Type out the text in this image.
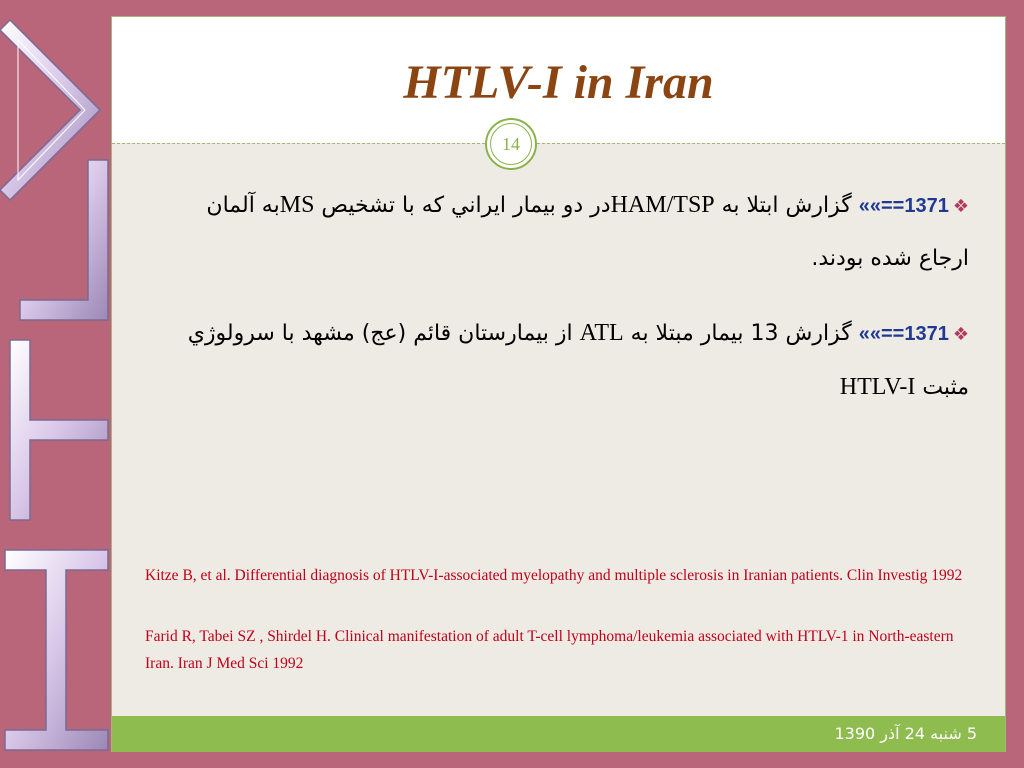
HTLV-I in Iran
14
❖1371==»» گزارش ابتلا به HAM/TSPدر دو بيمار ايراني که با تشخيص MSبه آلمان ارجاع شده بودند.
❖1371==»» گزارش 13 بيمار مبتلا به ATL از بيمارستان قائم (عج) مشهد با سرولوژي مثبت HTLV-I
Kitze B, et al. Differential diagnosis of HTLV-I-associated myelopathy and multiple sclerosis in Iranian patients. Clin Investig 1992
Farid R, Tabei SZ , Shirdel H. Clinical manifestation of adult T-cell lymphoma/leukemia associated with HTLV-1 in North-eastern Iran. Iran J Med Sci 1992
5 شنبه 24 آذر 1390
